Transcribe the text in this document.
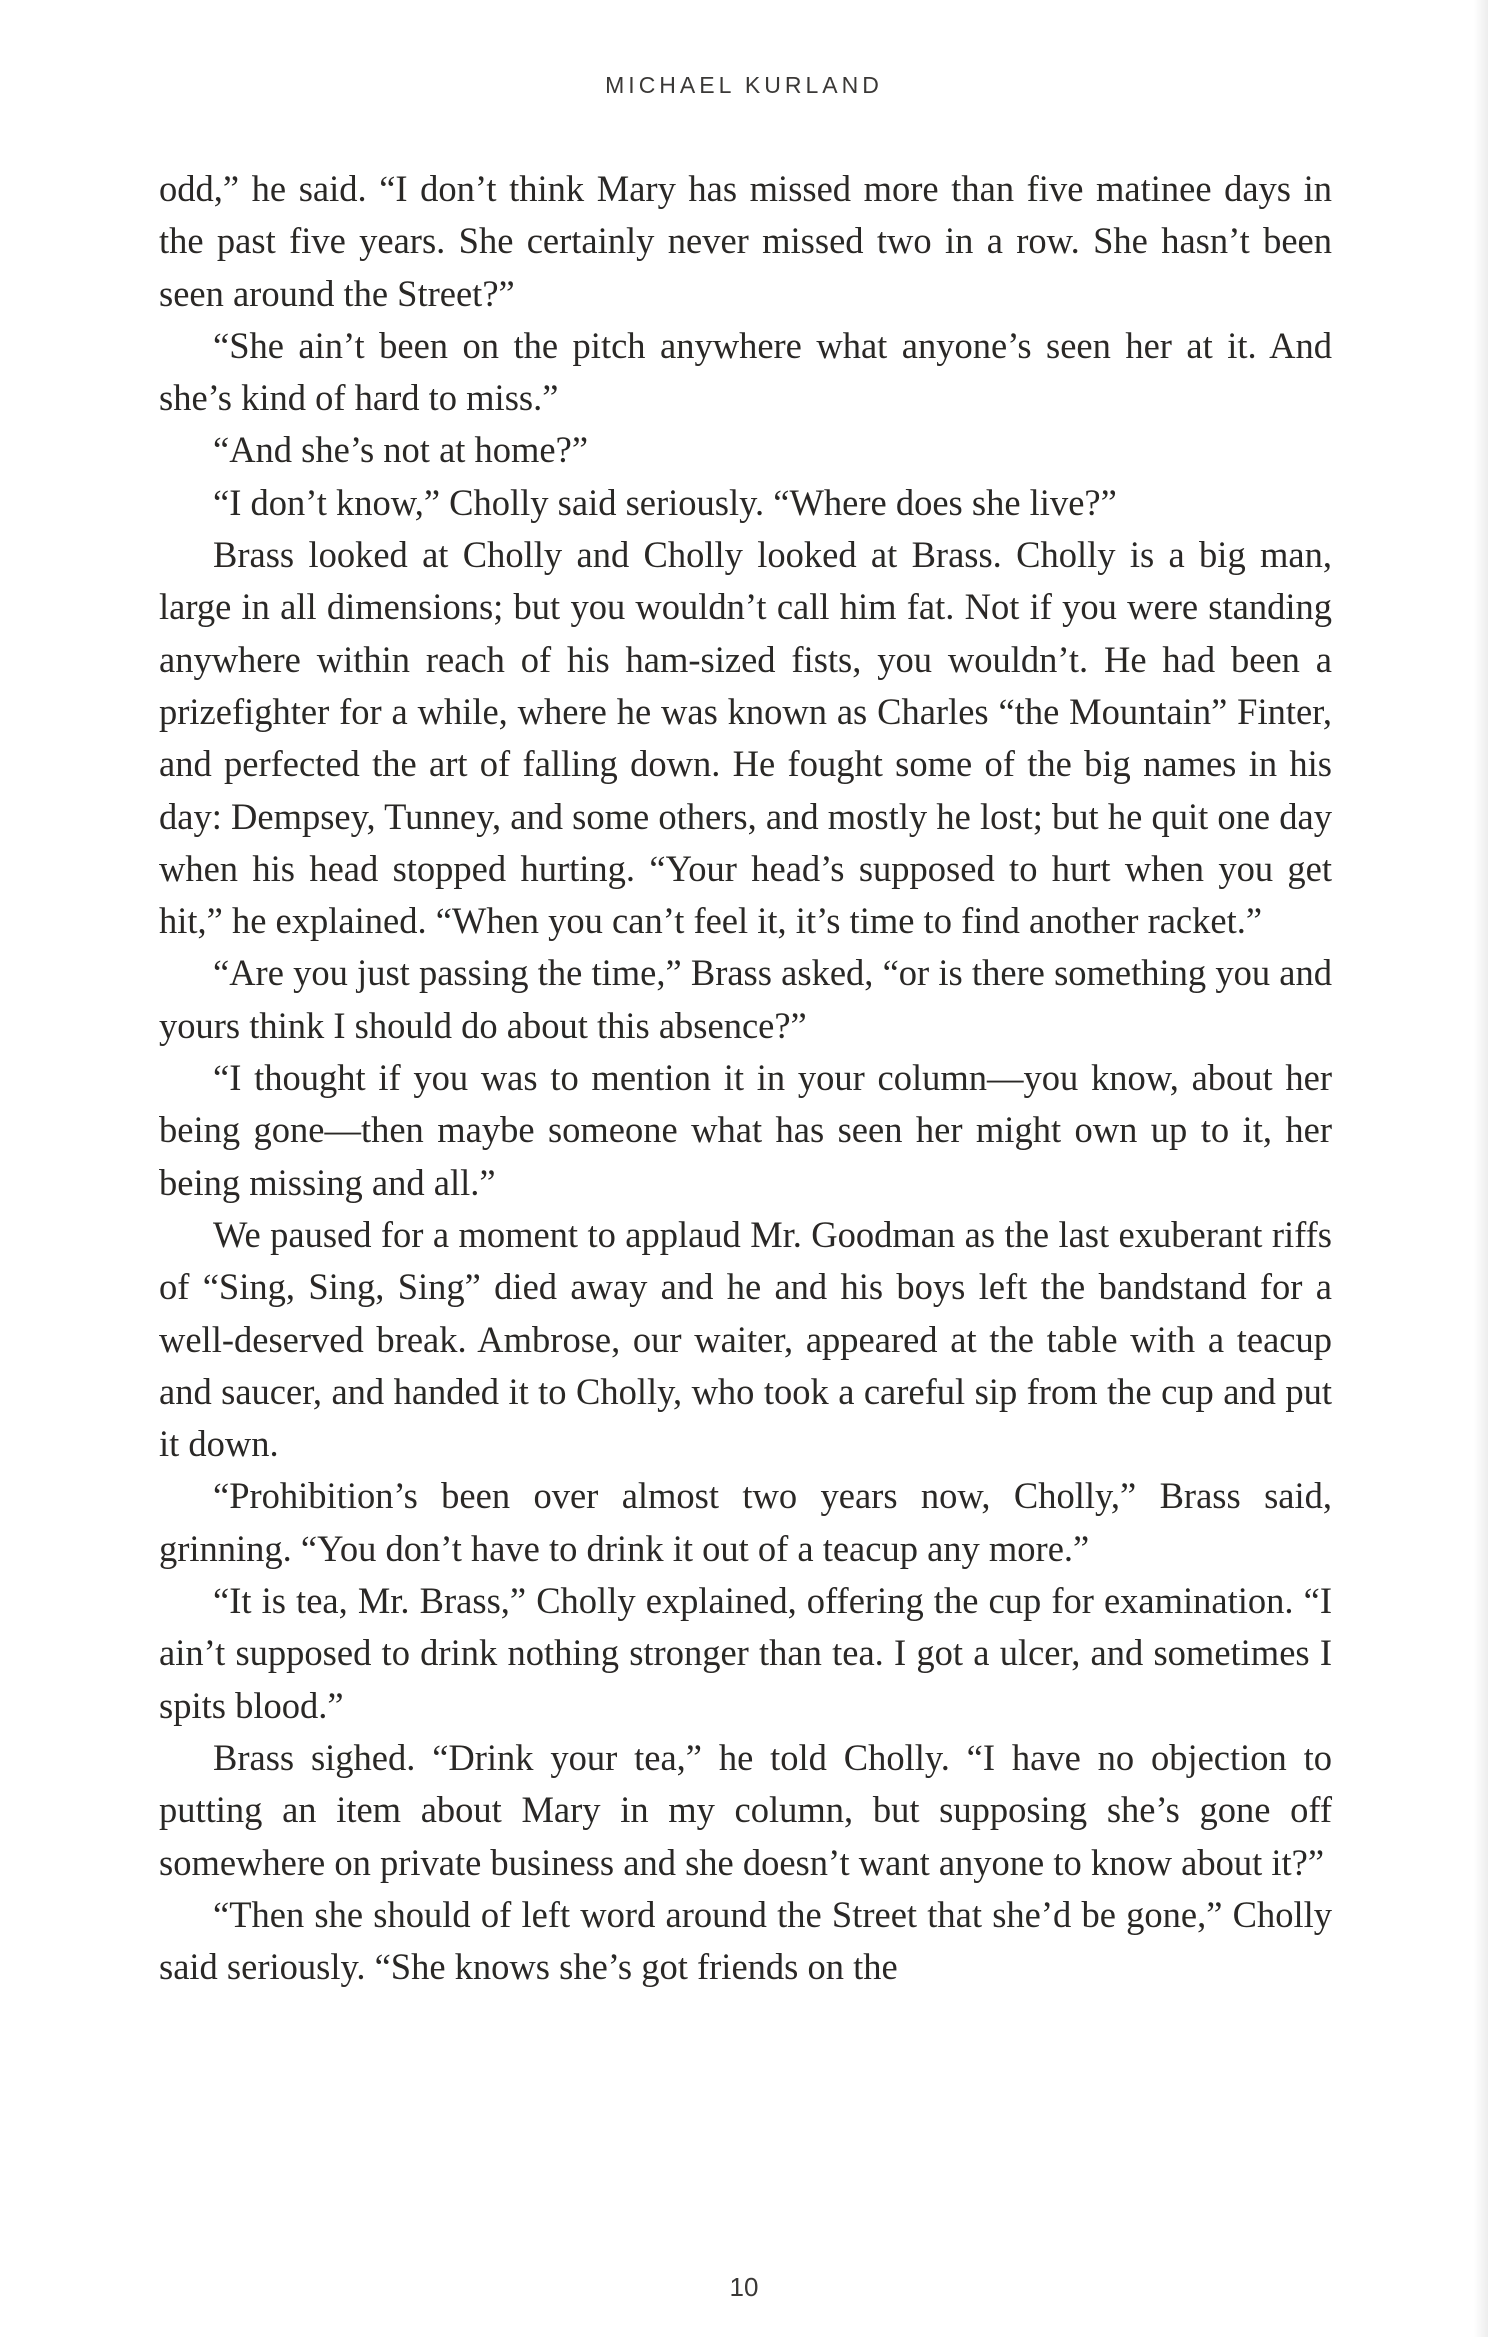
MICHAEL KURLAND

odd,” he said. “I don’t think Mary has missed more than five matinee days in the past five years. She certainly never missed two in a row. She hasn’t been seen around the Street?”

“She ain’t been on the pitch anywhere what anyone’s seen her at it. And she’s kind of hard to miss.”

“And she’s not at home?”

“I don’t know,” Cholly said seriously. “Where does she live?”

Brass looked at Cholly and Cholly looked at Brass. Cholly is a big man, large in all dimensions; but you wouldn’t call him fat. Not if you were standing anywhere within reach of his ham-sized fists, you wouldn’t. He had been a prizefighter for a while, where he was known as Charles “the Mountain” Finter, and perfected the art of falling down. He fought some of the big names in his day: Dempsey, Tunney, and some others, and mostly he lost; but he quit one day when his head stopped hurting. “Your head’s supposed to hurt when you get hit,” he explained. “When you can’t feel it, it’s time to find another racket.”

“Are you just passing the time,” Brass asked, “or is there something you and yours think I should do about this absence?”

“I thought if you was to mention it in your column—you know, about her being gone—then maybe someone what has seen her might own up to it, her being missing and all.”

We paused for a moment to applaud Mr. Goodman as the last exuberant riffs of “Sing, Sing, Sing” died away and he and his boys left the bandstand for a well-deserved break. Ambrose, our waiter, appeared at the table with a teacup and saucer, and handed it to Cholly, who took a careful sip from the cup and put it down.

“Prohibition’s been over almost two years now, Cholly,” Brass said, grinning. “You don’t have to drink it out of a teacup any more.”

“It is tea, Mr. Brass,” Cholly explained, offering the cup for examination. “I ain’t supposed to drink nothing stronger than tea. I got a ulcer, and sometimes I spits blood.”

Brass sighed. “Drink your tea,” he told Cholly. “I have no objection to putting an item about Mary in my column, but supposing she’s gone off somewhere on private business and she doesn’t want anyone to know about it?”

“Then she should of left word around the Street that she’d be gone,” Cholly said seriously. “She knows she’s got friends on the

10
